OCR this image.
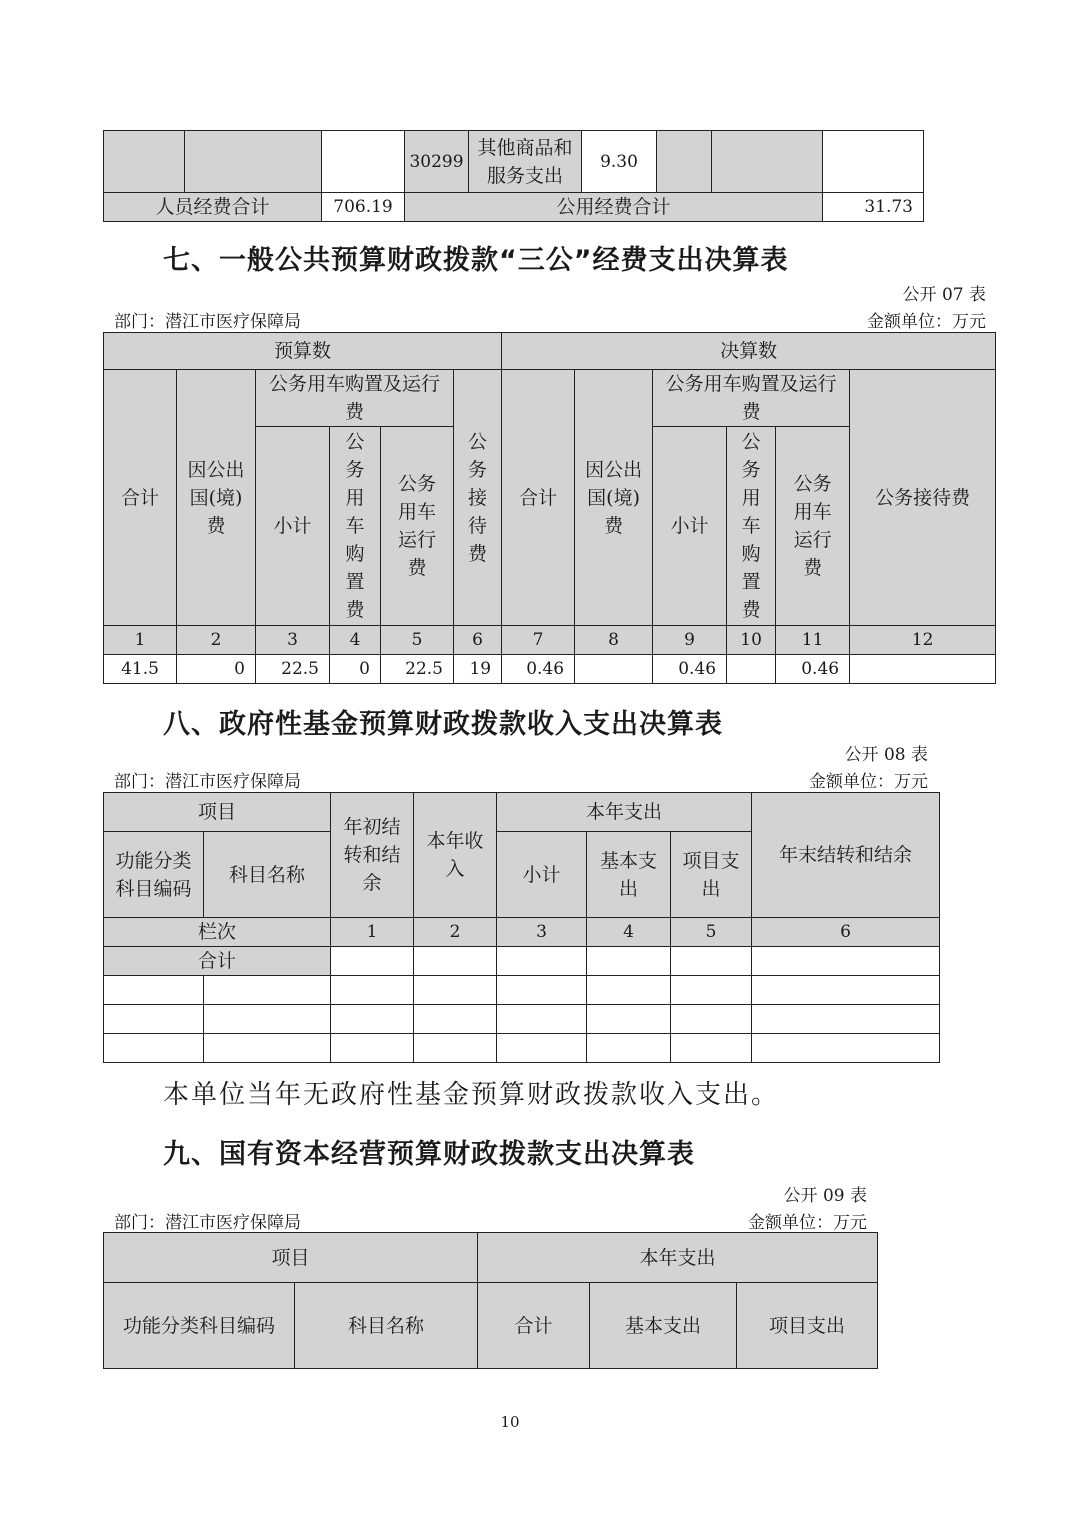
			30299	其他商品和服务支出	9.30			
人员经费合计		706.19	公用经费合计					31.73
七、一般公共预算财政拨款“三公”经费支出决算表
公开 07 表
部门：潜江市医疗保障局	金额单位：万元
预算数						决算数					
合计	因公出国(境)费	公务用车购置及运行费			公务接待费	合计	因公出国(境)费	公务用车购置及运行费			公务接待费
		小计	公务用车购置费	公务用车运行费				小计	公务用车购置费	公务用车运行费	
1	2	3	4	5	6	7	8	9	10	11	12
41.5	0	22.5	0	22.5	19	0.46		0.46		0.46	
八、政府性基金预算财政拨款收入支出决算表
公开 08 表
部门：潜江市医疗保障局	金额单位：万元
项目		年初结转和结余	本年收入	本年支出			年末结转和结余
功能分类科目编码	科目名称			小计	基本支出	项目支出	
栏次		1	2	3	4	5	6
合计							

本单位当年无政府性基金预算财政拨款收入支出。
九、国有资本经营预算财政拨款支出决算表
公开 09 表
部门：潜江市医疗保障局	金额单位：万元
项目		本年支出		
功能分类科目编码	科目名称	合计	基本支出	项目支出
10
